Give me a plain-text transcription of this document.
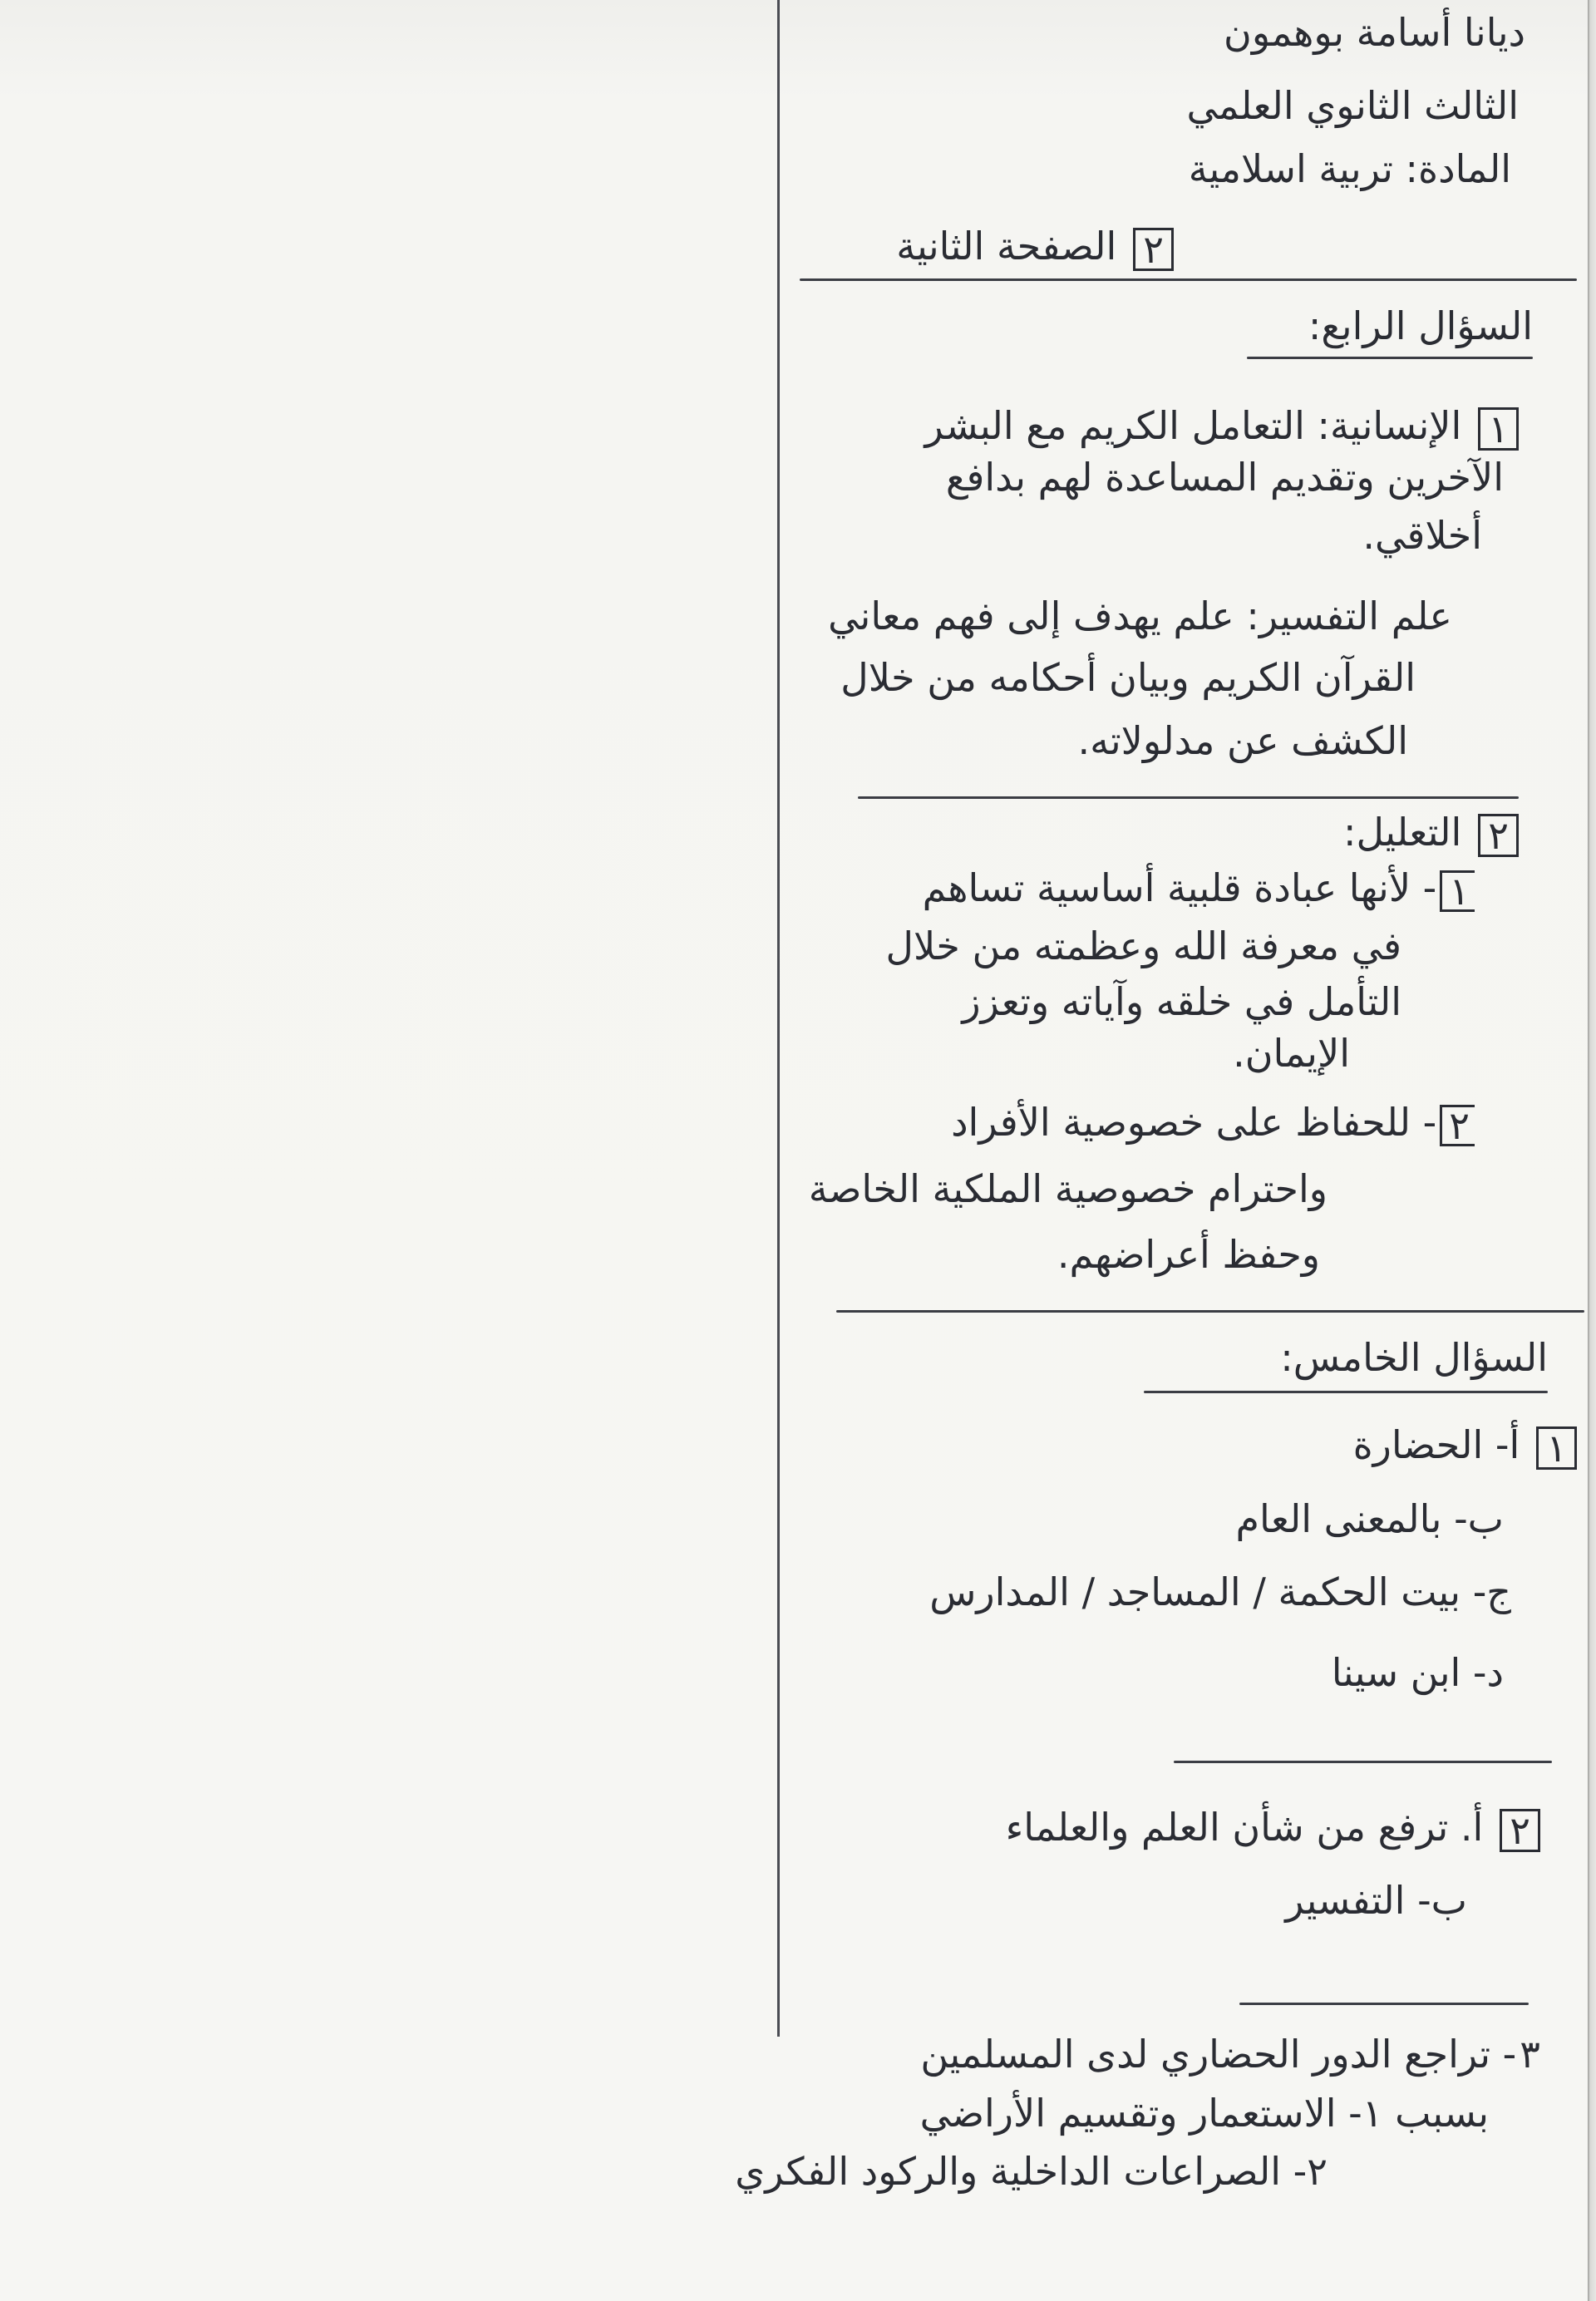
ديانا أسامة بوهمون
الثالث الثانوي العلمي
المادة: تربية اسلامية
٢الصفحة الثانية
السؤال الرابع:
١الإنسانية: التعامل الكريم مع البشر
الآخرين وتقديم المساعدة لهم بدافع
أخلاقي.
علم التفسير: علم يهدف إلى فهم معاني
القرآن الكريم وبيان أحكامه من خلال
الكشف عن مدلولاته.
٢التعليل:
١- لأنها عبادة قلبية أساسية تساهم
في معرفة الله وعظمته من خلال
التأمل في خلقه وآياته وتعزز
الإيمان.
٢- للحفاظ على خصوصية الأفراد
واحترام خصوصية الملكية الخاصة
وحفظ أعراضهم.
السؤال الخامس:
١أ- الحضارة
ب- بالمعنى العام
ج- بيت الحكمة / المساجد / المدارس
د- ابن سينا
٢أ. ترفع من شأن العلم والعلماء
ب- التفسير
٣- تراجع الدور الحضاري لدى المسلمين
بسبب ١- الاستعمار وتقسيم الأراضي
٢- الصراعات الداخلية والركود الفكري
